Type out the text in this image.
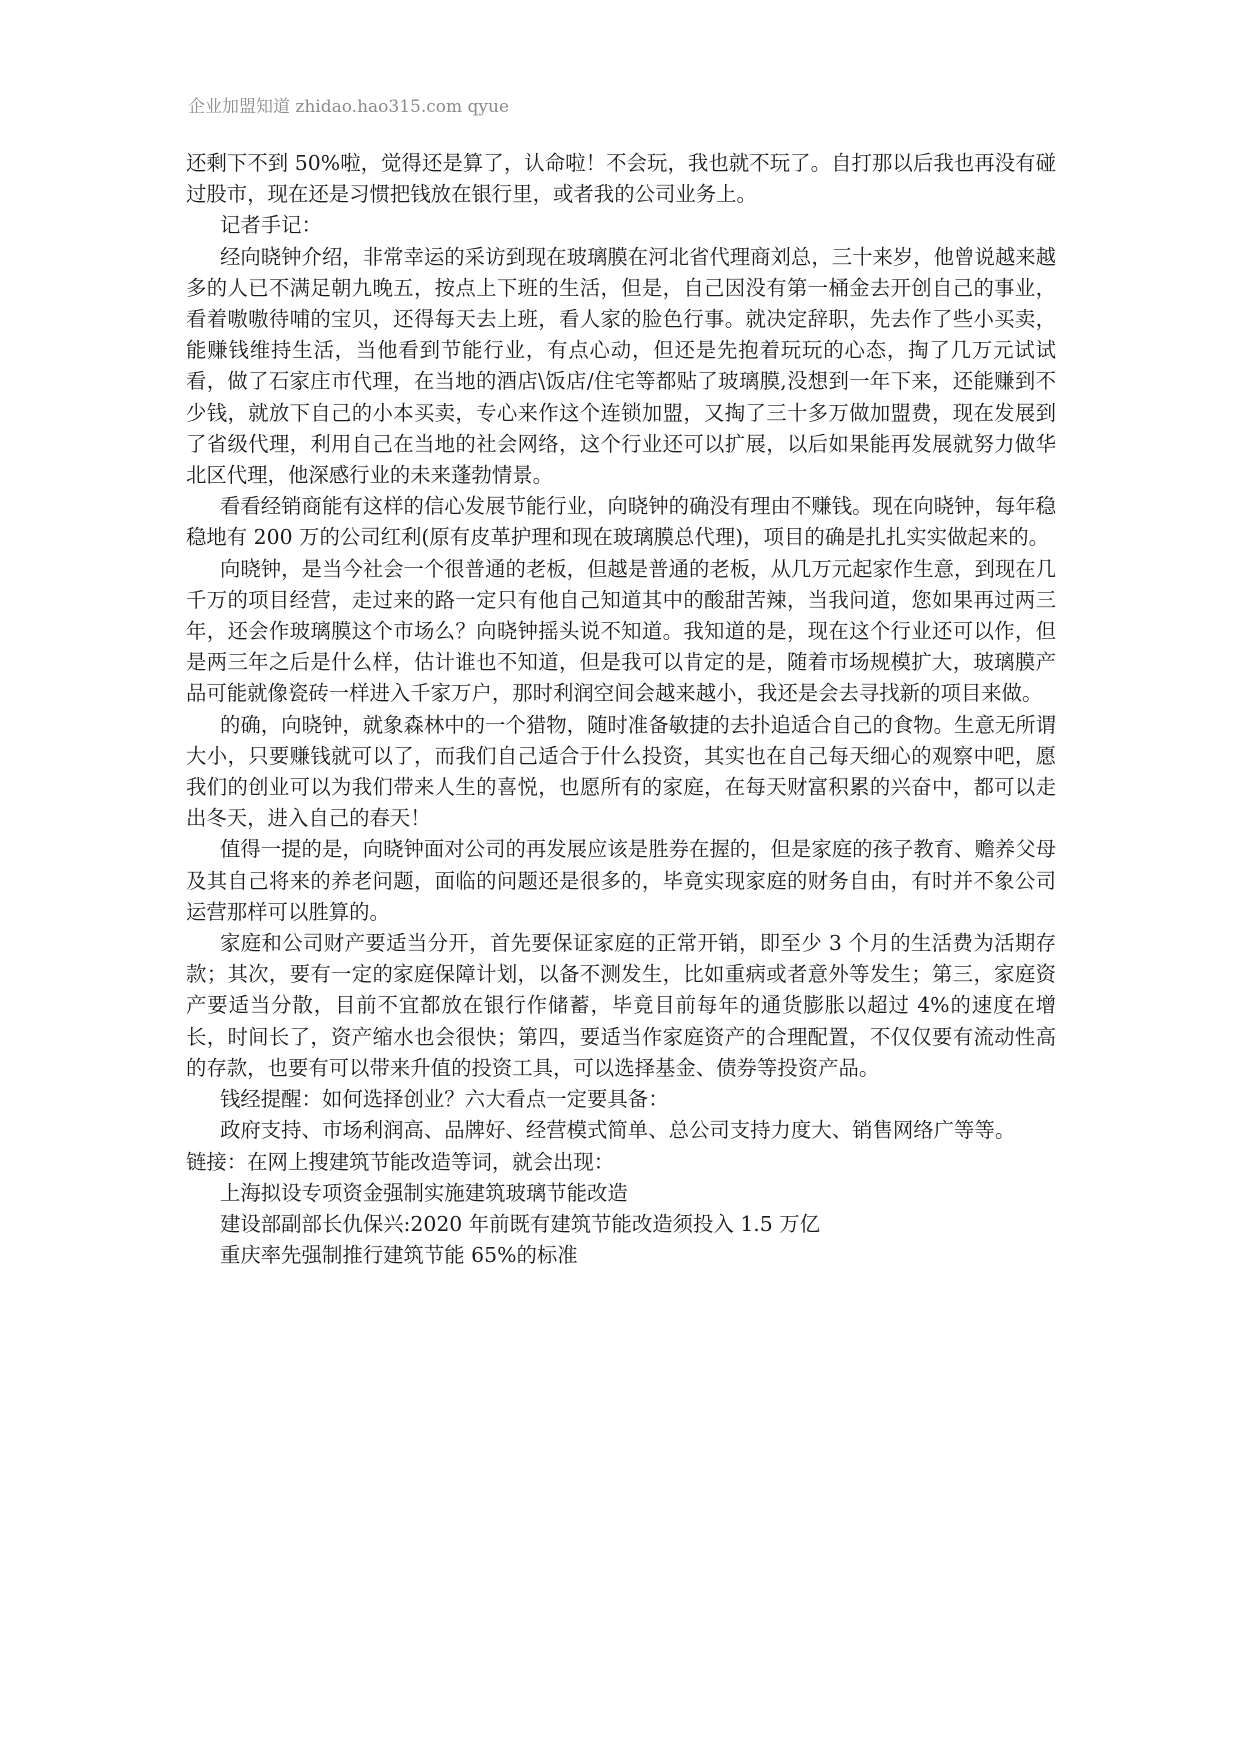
企业加盟知道 zhidao.hao315.com qyue

还剩下不到 50%啦，觉得还是算了，认命啦！不会玩，我也就不玩了。自打那以后我也再没有碰过股市，现在还是习惯把钱放在银行里，或者我的公司业务上。

记者手记：

经向晓钟介绍，非常幸运的采访到现在玻璃膜在河北省代理商刘总，三十来岁，他曾说越来越多的人已不满足朝九晚五，按点上下班的生活，但是，自己因没有第一桶金去开创自己的事业，看着嗷嗷待哺的宝贝，还得每天去上班，看人家的脸色行事。就决定辞职，先去作了些小买卖，能赚钱维持生活，当他看到节能行业，有点心动，但还是先抱着玩玩的心态，掏了几万元试试看，做了石家庄市代理，在当地的酒店\饭店/住宅等都贴了玻璃膜,没想到一年下来，还能赚到不少钱，就放下自己的小本买卖，专心来作这个连锁加盟，又掏了三十多万做加盟费，现在发展到了省级代理，利用自己在当地的社会网络，这个行业还可以扩展，以后如果能再发展就努力做华北区代理，他深感行业的未来蓬勃情景。

看看经销商能有这样的信心发展节能行业，向晓钟的确没有理由不赚钱。现在向晓钟，每年稳稳地有 200 万的公司红利(原有皮革护理和现在玻璃膜总代理)，项目的确是扎扎实实做起来的。

向晓钟，是当今社会一个很普通的老板，但越是普通的老板，从几万元起家作生意，到现在几千万的项目经营，走过来的路一定只有他自己知道其中的酸甜苦辣，当我问道，您如果再过两三年，还会作玻璃膜这个市场么？向晓钟摇头说不知道。我知道的是，现在这个行业还可以作，但是两三年之后是什么样，估计谁也不知道，但是我可以肯定的是，随着市场规模扩大，玻璃膜产品可能就像瓷砖一样进入千家万户，那时利润空间会越来越小，我还是会去寻找新的项目来做。

的确，向晓钟，就象森林中的一个猎物，随时准备敏捷的去扑追适合自己的食物。生意无所谓大小，只要赚钱就可以了，而我们自己适合于什么投资，其实也在自己每天细心的观察中吧，愿我们的创业可以为我们带来人生的喜悦，也愿所有的家庭，在每天财富积累的兴奋中，都可以走出冬天，进入自己的春天！

值得一提的是，向晓钟面对公司的再发展应该是胜券在握的，但是家庭的孩子教育、赡养父母及其自己将来的养老问题，面临的问题还是很多的，毕竟实现家庭的财务自由，有时并不象公司运营那样可以胜算的。

家庭和公司财产要适当分开，首先要保证家庭的正常开销，即至少 3 个月的生活费为活期存款；其次，要有一定的家庭保障计划，以备不测发生，比如重病或者意外等发生；第三，家庭资产要适当分散，目前不宜都放在银行作储蓄，毕竟目前每年的通货膨胀以超过 4%的速度在增长，时间长了，资产缩水也会很快；第四，要适当作家庭资产的合理配置，不仅仅要有流动性高的存款，也要有可以带来升值的投资工具，可以选择基金、债券等投资产品。

钱经提醒：如何选择创业？六大看点一定要具备：

政府支持、市场利润高、品牌好、经营模式简单、总公司支持力度大、销售网络广等等。

链接：在网上搜建筑节能改造等词，就会出现：

上海拟设专项资金强制实施建筑玻璃节能改造

建设部副部长仇保兴:2020 年前既有建筑节能改造须投入 1.5 万亿

重庆率先强制推行建筑节能 65%的标准
